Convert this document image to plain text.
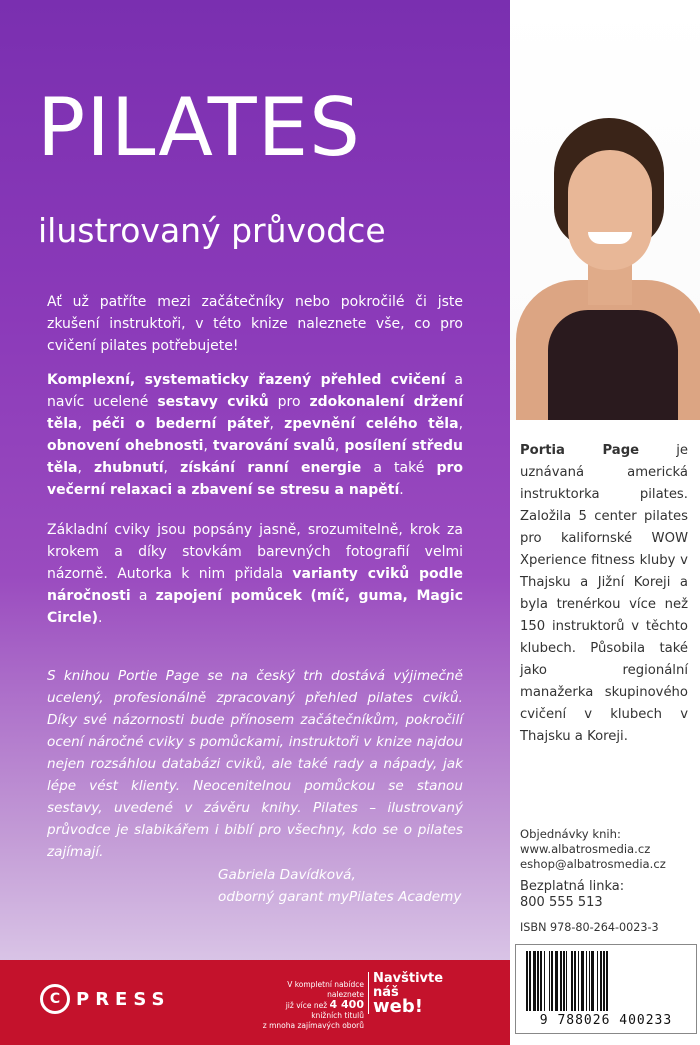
PILATES
ilustrovaný průvodce
Ať už patříte mezi začátečníky nebo pokročilé či jste zkušení instruktoři, v této knize naleznete vše, co pro cvičení pilates potřebujete!
Komplexní, systematicky řazený přehled cvičení a navíc ucelené sestavy cviků pro zdokonalení držení těla, péči o bederní páteř, zpevnění celého těla, obnovení ohebnosti, tvarování svalů, posílení středu těla, zhubnutí, získání ranní energie a také pro večerní relaxaci a zbavení se stresu a napětí.
Základní cviky jsou popsány jasně, srozumitelně, krok za krokem a díky stovkám barevných fotografií velmi názorně. Autorka k nim přidala varianty cviků podle náročnosti a zapojení pomůcek (míč, guma, Magic Circle).
S knihou Portie Page se na český trh dostává výjimečně ucelený, profesionálně zpracovaný přehled pilates cviků. Díky své názornosti bude přínosem začátečníkům, pokročilí ocení náročné cviky s pomůckami, instruktoři v knize najdou nejen rozsáhlou databázi cviků, ale také rady a nápady, jak lépe vést klienty. Neocenitelnou pomůckou se stanou sestavy, uvedené v závěru knihy. Pilates – ilustrovaný průvodce je slabikářem i biblí pro všechny, kdo se o pilates zajímají.
Gabriela Davídková,
odborný garant myPilates Academy
Portia Page je uznávaná americká instruktorka pilates. Založila 5 center pilates pro kalifornské WOW Xperience fitness kluby v Thajsku a Jižní Koreji a byla trenérkou více než 150 instruktorů v těchto klubech. Působila také jako regionální manažerka skupinového cvičení v klubech v Thajsku a Koreji.
Objednávky knih:
www.albatrosmedia.cz
eshop@albatrosmedia.cz
Bezplatná linka:
800 555 513
ISBN 978-80-264-0023-3
9 788026 400233
C PRESS
V kompletní nabídce naleznete
již více než 4 400 knižních titulů
z mnoha zajímavých oborů
Navštivte
náš
web!
